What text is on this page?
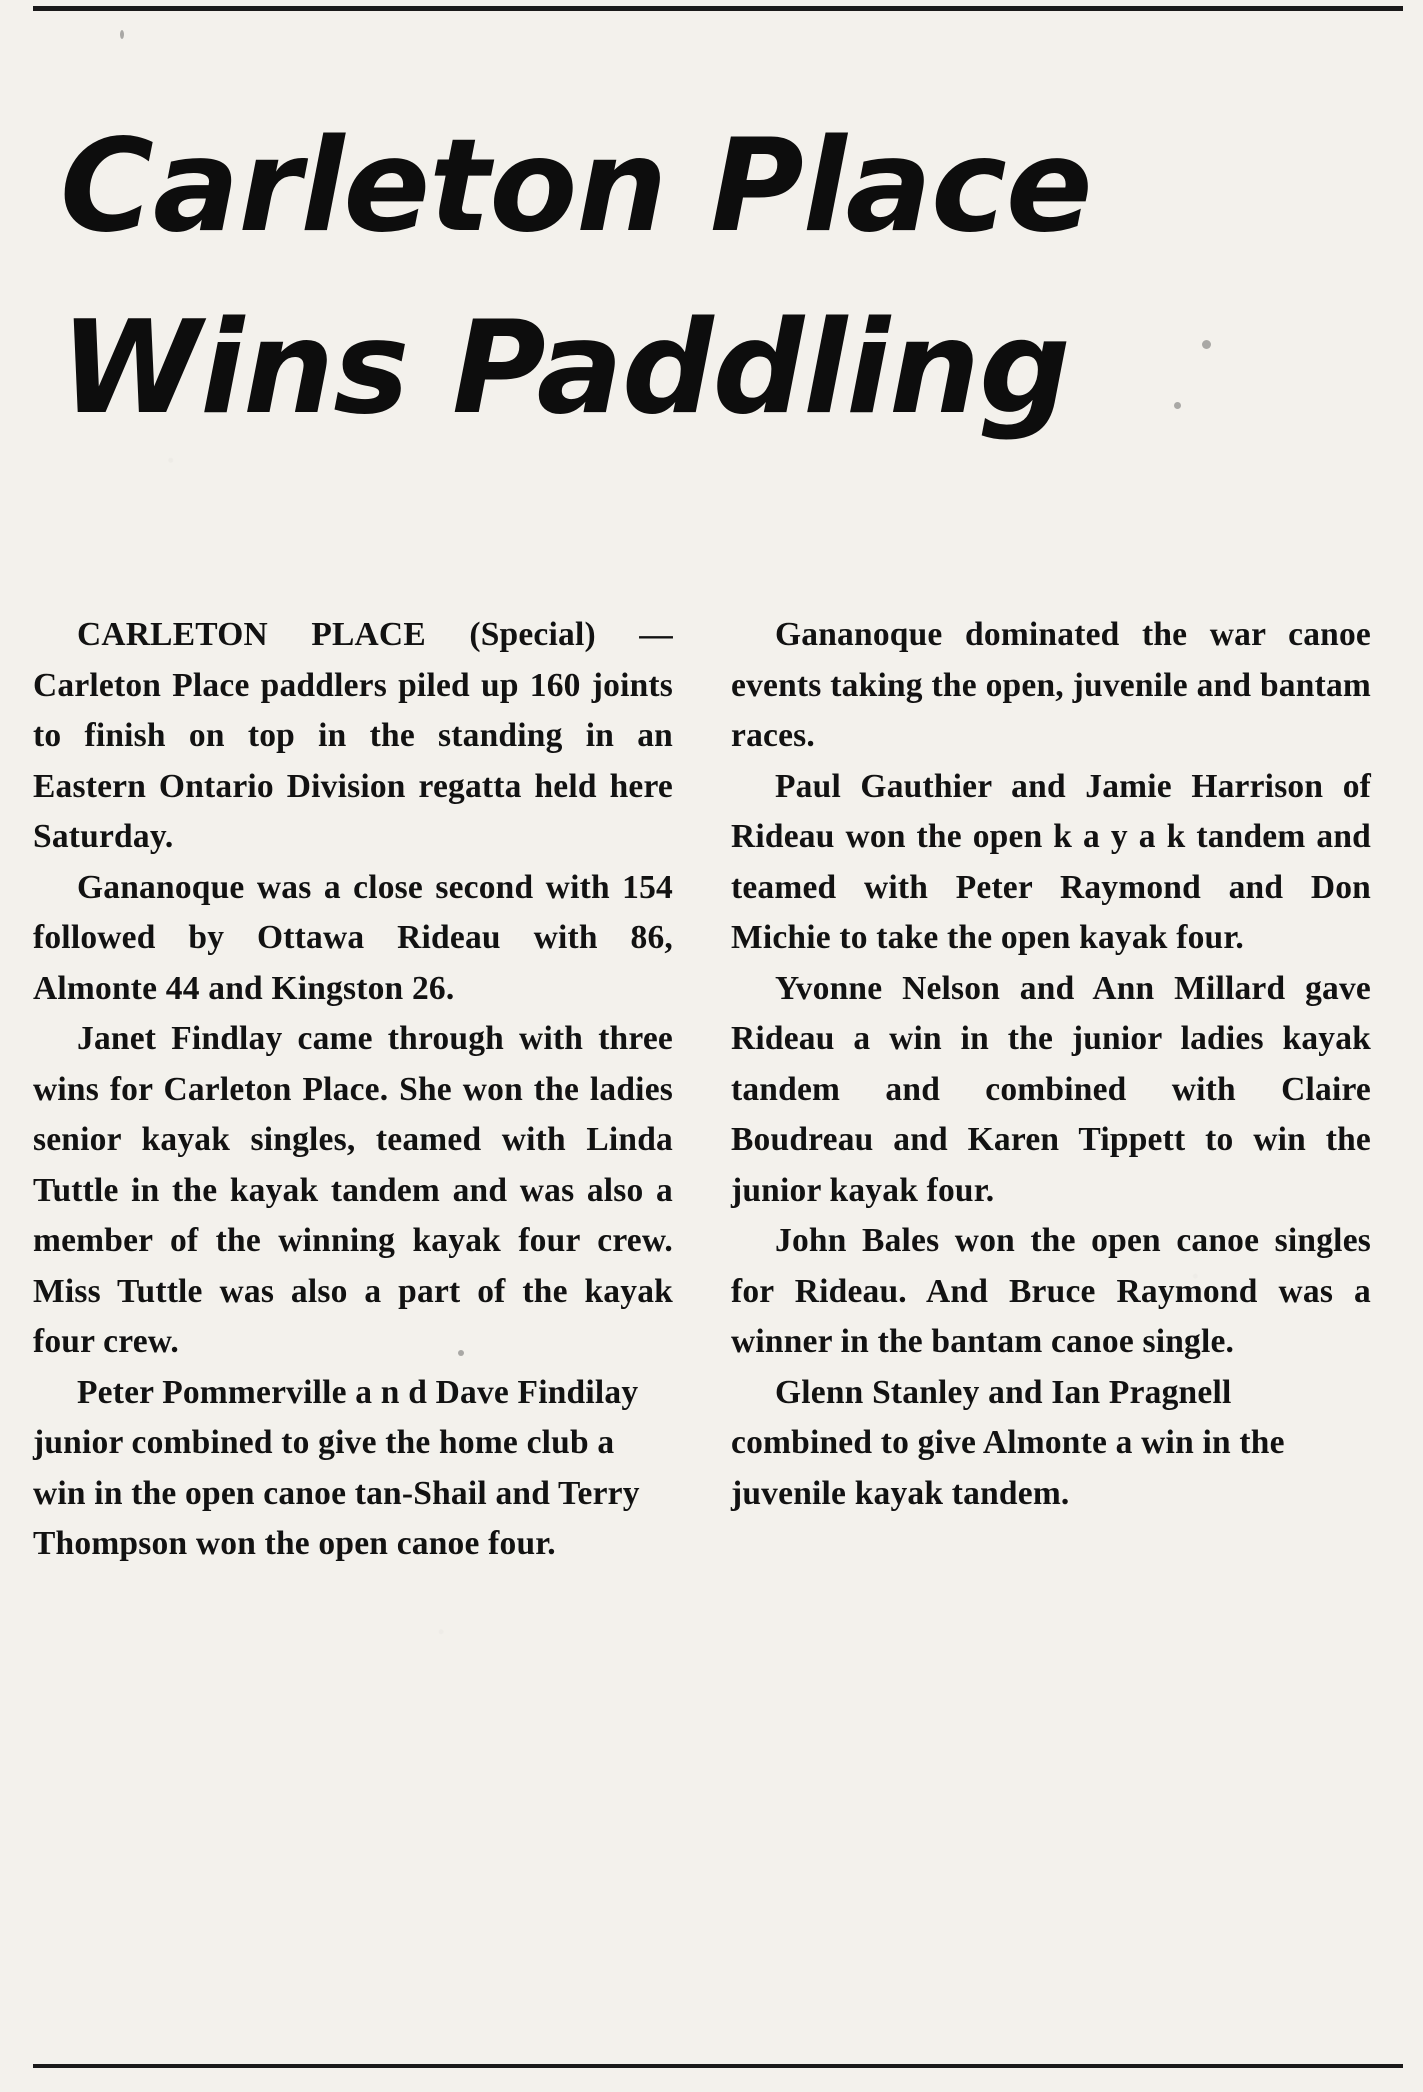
Carleton Place
Wins Paddling

CARLETON PLACE (Special) — Carleton Place paddlers piled up 160 joints to finish on top in the standing in an Eastern Ontario Division regatta held here Saturday.

Gananoque was a close second with 154 followed by Ottawa Rideau with 86, Almonte 44 and Kingston 26.

Janet Findlay came through with three wins for Carleton Place. She won the ladies senior kayak singles, teamed with Linda Tuttle in the kayak tandem and was also a member of the winning kayak four crew. Miss Tuttle was also a part of the kayak four crew.

Peter Pommerville a n d Dave Findilay junior combined to give the home club a win in the open canoe tan-Shail and Terry Thompson won the open canoe four.

Gananoque dominated the war canoe events taking the open, juvenile and bantam races.

Paul Gauthier and Jamie Harrison of Rideau won the open k a y a k tandem and teamed with Peter Raymond and Don Michie to take the open kayak four.

Yvonne Nelson and Ann Millard gave Rideau a win in the junior ladies kayak tandem and combined with Claire Boudreau and Karen Tippett to win the junior kayak four.

John Bales won the open canoe singles for Rideau. And Bruce Raymond was a winner in the bantam canoe single.

Glenn Stanley and Ian Pragnell combined to give Almonte a win in the juvenile kayak tandem.
